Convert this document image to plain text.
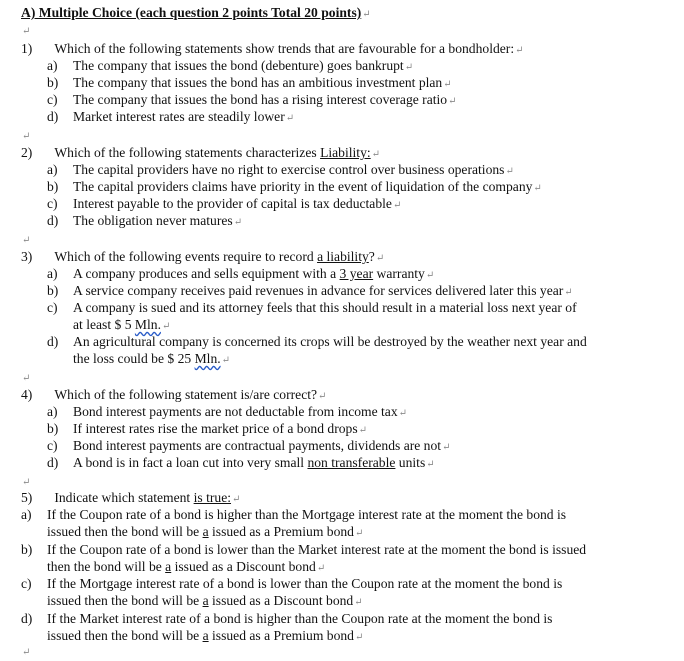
A) Multiple Choice (each question 2 points Total 20 points)↵
↵
1) Which of the following statements show trends that are favourable for a bondholder:↵
a) The company that issues the bond (debenture) goes bankrupt↵
b) The company that issues the bond has an ambitious investment plan↵
c) The company that issues the bond has a rising interest coverage ratio↵
d) Market interest rates are steadily lower↵
↵
2) Which of the following statements characterizes Liability:↵
a) The capital providers have no right to exercise control over business operations↵
b) The capital providers claims have priority in the event of liquidation of the company↵
c) Interest payable to the provider of capital is tax deductable↵
d) The obligation never matures↵
↵
3) Which of the following events require to record a liability?↵
a) A company produces and sells equipment with a 3 year warranty↵
b) A service company receives paid revenues in advance for services delivered later this year↵
c) A company is sued and its attorney feels that this should result in a material loss next year of
at least $ 5 Mln.↵
d) An agricultural company is concerned its crops will be destroyed by the weather next year and
the loss could be $ 25 Mln.↵
↵
4) Which of the following statement is/are correct?↵
a) Bond interest payments are not deductable from income tax↵
b) If interest rates rise the market price of a bond drops↵
c) Bond interest payments are contractual payments, dividends are not↵
d) A bond is in fact a loan cut into very small non transferable units↵
↵
5) Indicate which statement is true:↵
a) If the Coupon rate of a bond is higher than the Mortgage interest rate at the moment the bond is
issued then the bond will be a issued as a Premium bond↵
b) If the Coupon rate of a bond is lower than the Market interest rate at the moment the bond is issued
then the bond will be a issued as a Discount bond↵
c) If the Mortgage interest rate of a bond is lower than the Coupon rate at the moment the bond is
issued then the bond will be a issued as a Discount bond↵
d) If the Market interest rate of a bond is higher than the Coupon rate at the moment the bond is
issued then the bond will be a issued as a Premium bond↵
↵
